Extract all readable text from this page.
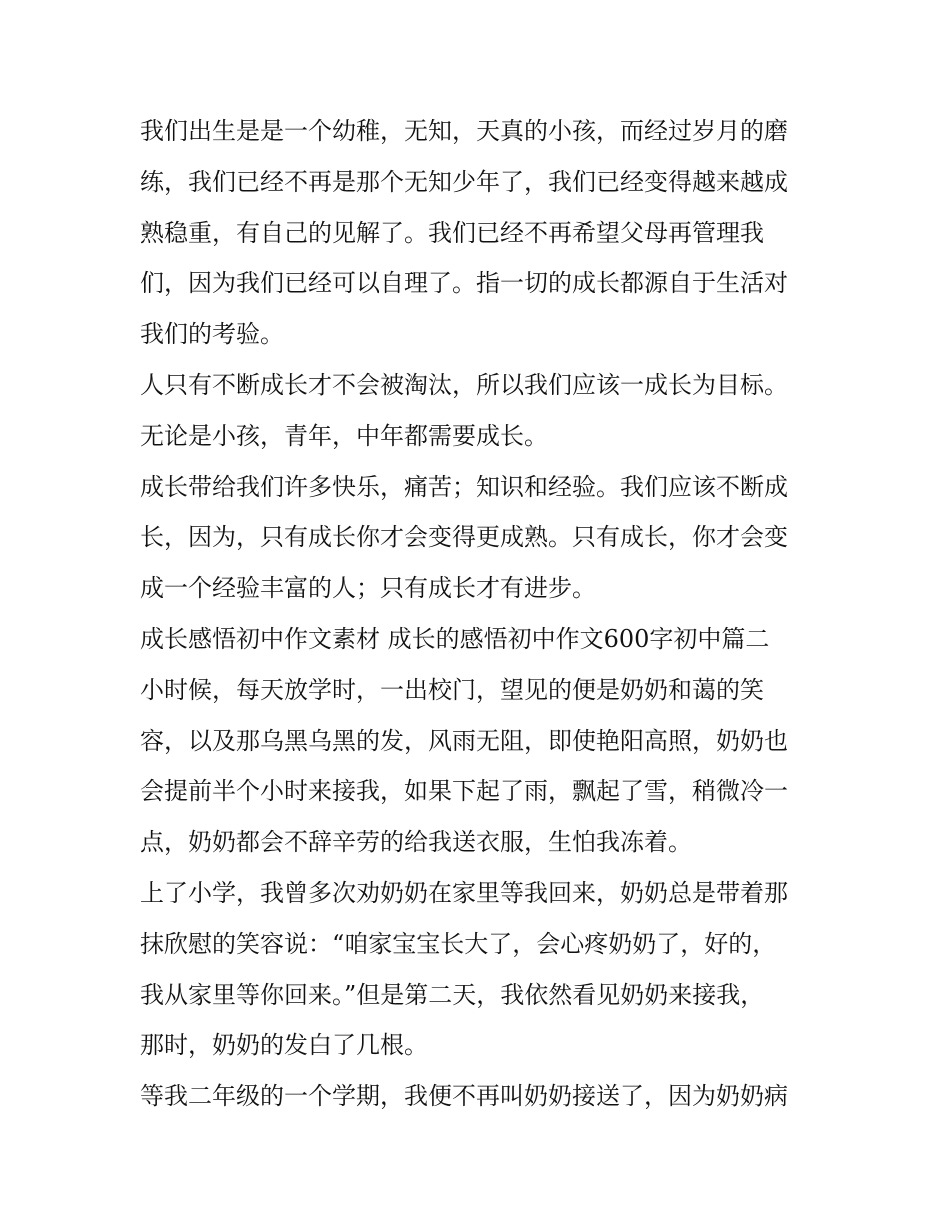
我们出生是是一个幼稚，无知，天真的小孩，而经过岁月的磨
练，我们已经不再是那个无知少年了，我们已经变得越来越成
熟稳重，有自己的见解了。我们已经不再希望父母再管理我
们，因为我们已经可以自理了。指一切的成长都源自于生活对
我们的考验。
人只有不断成长才不会被淘汰，所以我们应该一成长为目标。
无论是小孩，青年，中年都需要成长。
成长带给我们许多快乐，痛苦；知识和经验。我们应该不断成
长，因为，只有成长你才会变得更成熟。只有成长，你才会变
成一个经验丰富的人；只有成长才有进步。
成长感悟初中作文素材 成长的感悟初中作文600字初中篇二
小时候，每天放学时，一出校门，望见的便是奶奶和蔼的笑
容，以及那乌黑乌黑的发，风雨无阻，即使艳阳高照，奶奶也
会提前半个小时来接我，如果下起了雨，飘起了雪，稍微冷一
点，奶奶都会不辞辛劳的给我送衣服，生怕我冻着。
上了小学，我曾多次劝奶奶在家里等我回来，奶奶总是带着那
抹欣慰的笑容说：“咱家宝宝长大了，会心疼奶奶了，好的，
我从家里等你回来。”但是第二天，我依然看见奶奶来接我，
那时，奶奶的发白了几根。
等我二年级的一个学期，我便不再叫奶奶接送了，因为奶奶病
